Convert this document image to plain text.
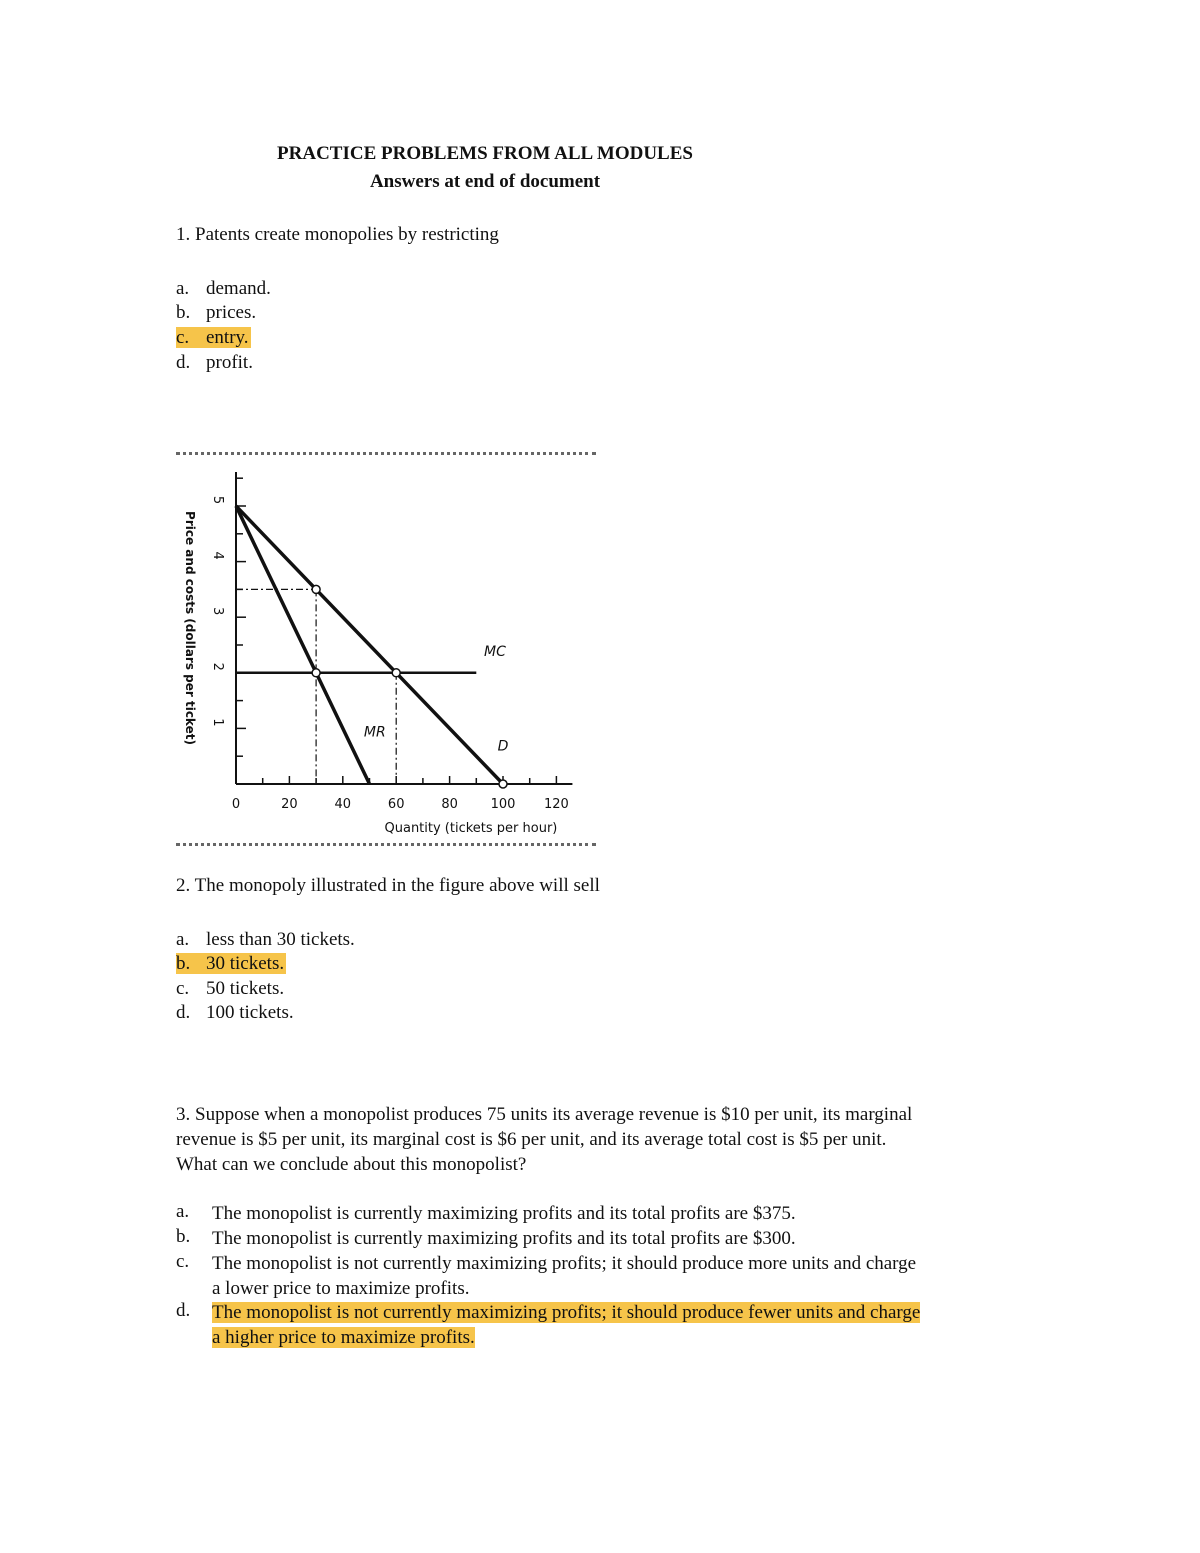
PRACTICE PROBLEMS FROM ALL MODULES
Answers at end of document
1. Patents create monopolies by restricting
a. demand.
b. prices.
c. entry.
d. profit.
1
2
3
4
5
0	20	40	60	80	100 120
Quantity (tickets per hour)
Price and costs (dollars per ticket)
D
MR
MC
2. The monopoly illustrated in the figure above will sell
a. less than 30 tickets.
b. 30 tickets.
c. 50 tickets.
d. 100 tickets.
3. Suppose when a monopolist produces 75 units its average revenue is $10 per unit, its marginal
revenue is $5 per unit, its marginal cost is $6 per unit, and its average total cost is $5 per unit.
What can we conclude about this monopolist?
a. The monopolist is currently maximizing profits and its total profits are $375.
b. The monopolist is currently maximizing profits and its total profits are $300.
c. The monopolist is not currently maximizing profits; it should produce more units and charge
a lower price to maximize profits.
d. The monopolist is not currently maximizing profits; it should produce fewer units and charge
a higher price to maximize profits.
